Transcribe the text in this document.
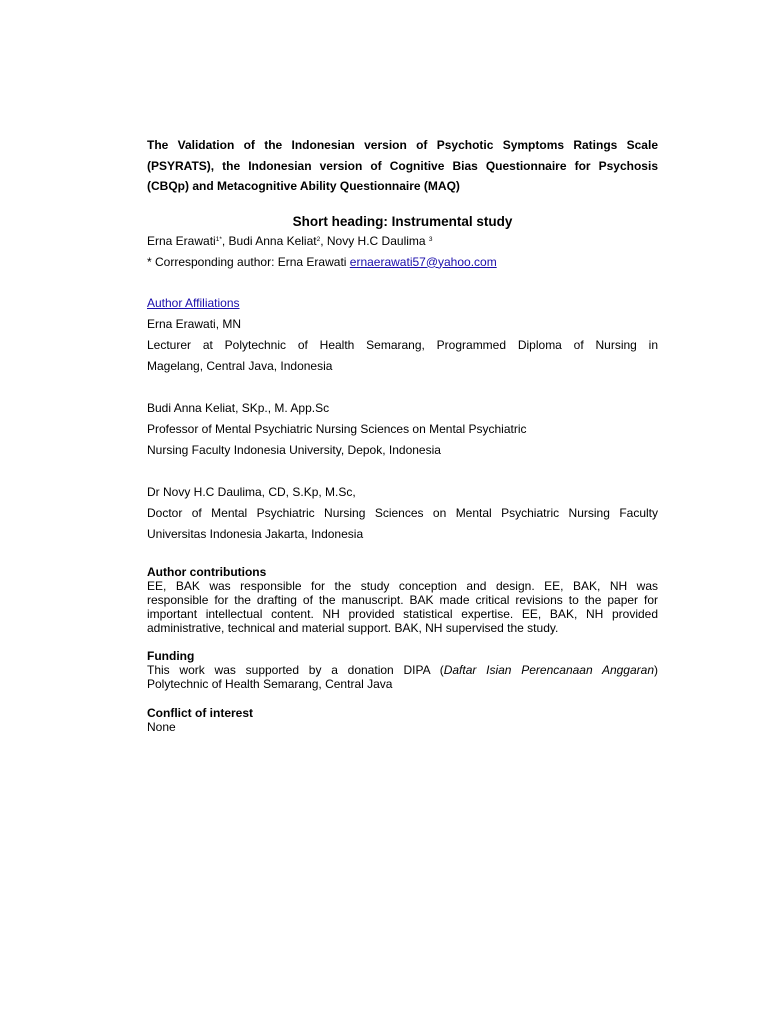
The Validation of the Indonesian version of Psychotic Symptoms Ratings Scale
(PSYRATS), the Indonesian version of Cognitive Bias Questionnaire for Psychosis
(CBQp) and Metacognitive Ability Questionnaire (MAQ)
Short heading: Instrumental study

Erna Erawati$^{1*}$, Budi Anna Keliat$^2$, Novy H.C Daulima $^3$

* Corresponding author: Erna Erawati ernaerawati57@yahoo.com

Author Affiliations

Erna Erawati, MN

Lecturer at Polytechnic of Health Semarang, Programmed Diploma of Nursing in
Magelang, Central Java, Indonesia

Budi Anna Keliat, SKp., M. App.Sc

Professor of Mental Psychiatric Nursing Sciences on Mental Psychiatric

Nursing Faculty Indonesia University, Depok, Indonesia

Dr Novy H.C Daulima, CD, S.Kp, M.Sc,

Doctor of Mental Psychiatric Nursing Sciences on Mental Psychiatric Nursing Faculty
Universitas Indonesia Jakarta, Indonesia

Author contributions

EE, BAK was responsible for the study conception and design. EE, BAK, NH was
responsible for the drafting of the manuscript. BAK made critical revisions to the paper for
important intellectual content. NH provided statistical expertise. EE, BAK, NH provided
administrative, technical and material support. BAK, NH supervised the study.

Funding

This work was supported by a donation DIPA (Daftar Isian Perencanaan Anggaran)
Polytechnic of Health Semarang, Central Java

Conflict of interest

None
